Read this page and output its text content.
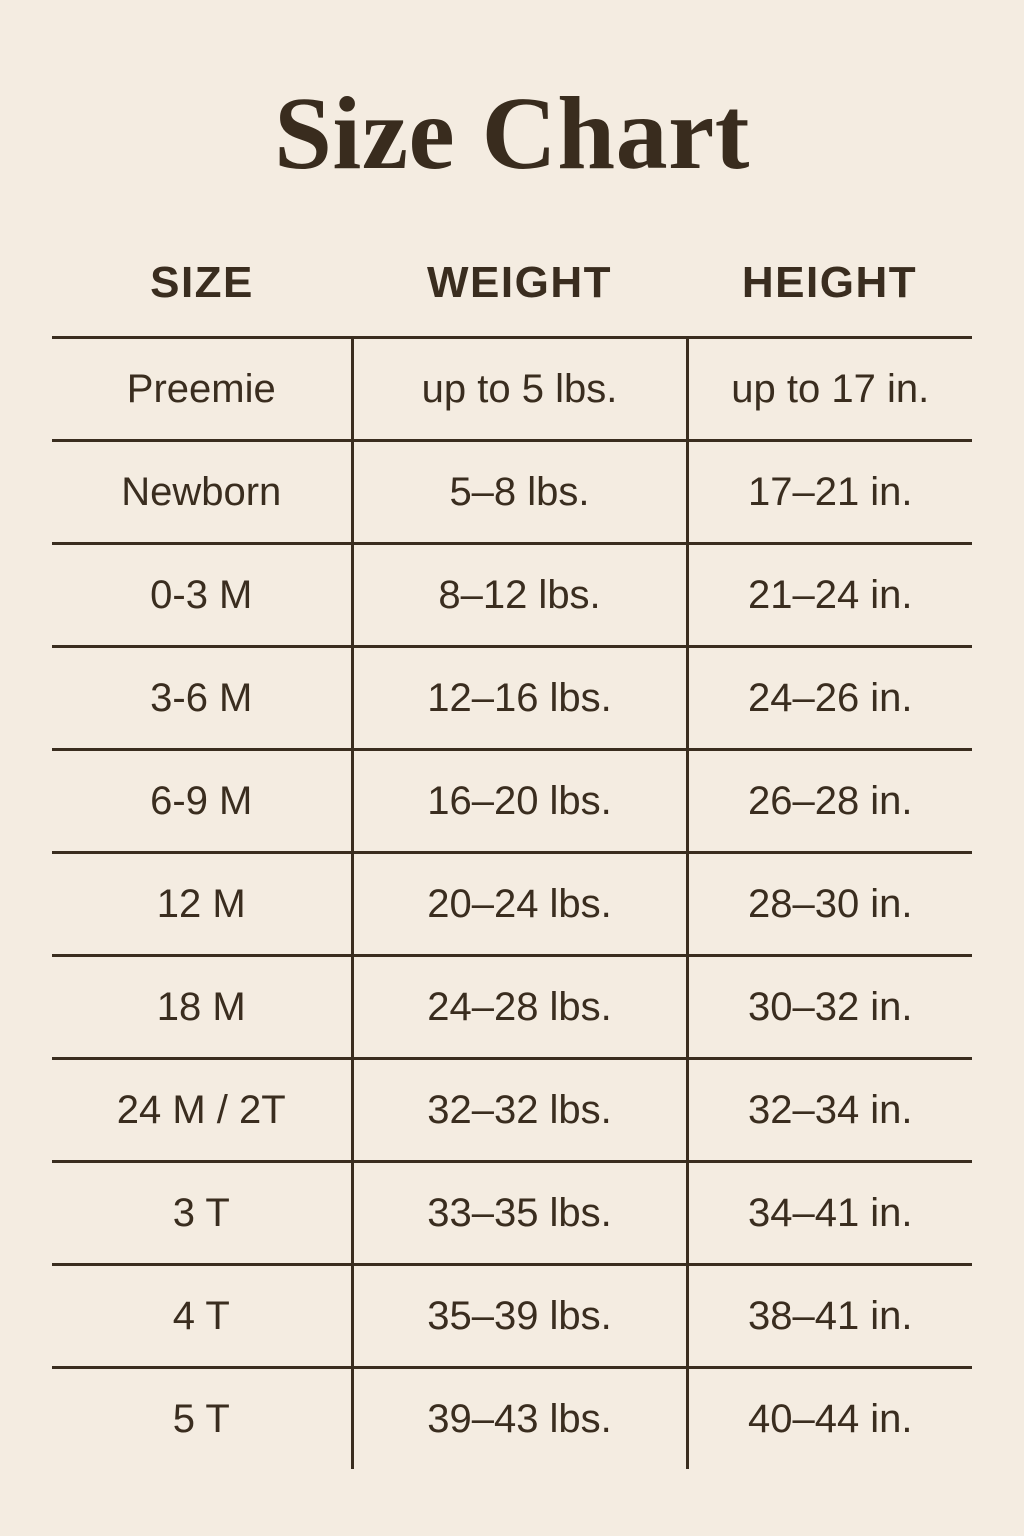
Size Chart
SIZE	WEIGHT	HEIGHT
Preemie	up to 5 lbs.	up to 17 in.
Newborn	5–8 lbs.	17–21 in.
0-3 M	8–12 lbs.	21–24 in.
3-6 M	12–16 lbs.	24–26 in.
6-9 M	16–20 lbs.	26–28 in.
12 M	20–24 lbs.	28–30 in.
18 M	24–28 lbs.	30–32 in.
24 M / 2T	32–32 lbs.	32–34 in.
3 T	33–35 lbs.	34–41 in.
4 T	35–39 lbs.	38–41 in.
5 T	39–43 lbs.	40–44 in.
